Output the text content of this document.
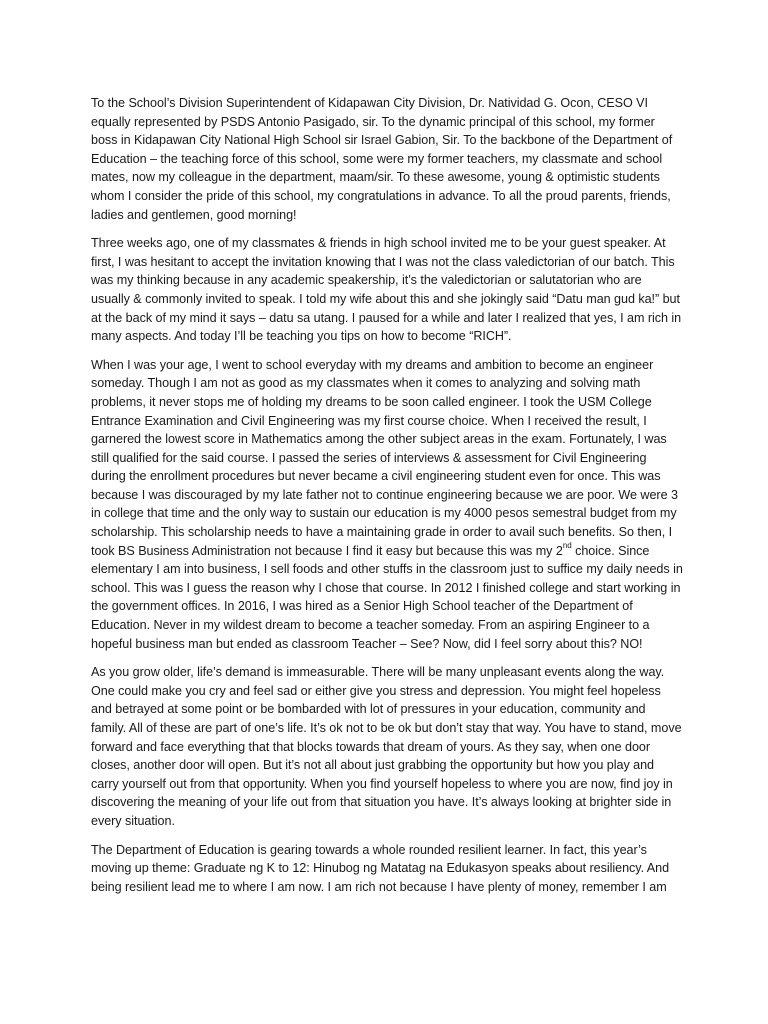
To the School’s Division Superintendent of Kidapawan City Division, Dr. Natividad G. Ocon, CESO VI equally represented by PSDS Antonio Pasigado, sir. To the dynamic principal of this school, my former boss in Kidapawan City National High School sir Israel Gabion, Sir. To the backbone of the Department of Education – the teaching force of this school, some were my former teachers, my classmate and school mates, now my colleague in the department, maam/sir. To these awesome, young & optimistic students whom I consider the pride of this school, my congratulations in advance. To all the proud parents, friends, ladies and gentlemen, good morning!

Three weeks ago, one of my classmates & friends in high school invited me to be your guest speaker. At first, I was hesitant to accept the invitation knowing that I was not the class valedictorian of our batch. This was my thinking because in any academic speakership, it’s the valedictorian or salutatorian who are usually & commonly invited to speak. I told my wife about this and she jokingly said “Datu man gud ka!” but at the back of my mind it says – datu sa utang. I paused for a while and later I realized that yes, I am rich in many aspects. And today I’ll be teaching you tips on how to become “RICH”.

When I was your age, I went to school everyday with my dreams and ambition to become an engineer someday. Though I am not as good as my classmates when it comes to analyzing and solving math problems, it never stops me of holding my dreams to be soon called engineer. I took the USM College Entrance Examination and Civil Engineering was my first course choice. When I received the result, I garnered the lowest score in Mathematics among the other subject areas in the exam. Fortunately, I was still qualified for the said course. I passed the series of interviews & assessment for Civil Engineering during the enrollment procedures but never became a civil engineering student even for once. This was because I was discouraged by my late father not to continue engineering because we are poor. We were 3 in college that time and the only way to sustain our education is my 4000 pesos semestral budget from my scholarship. This scholarship needs to have a maintaining grade in order to avail such benefits. So then, I took BS Business Administration not because I find it easy but because this was my 2nd choice. Since elementary I am into business, I sell foods and other stuffs in the classroom just to suffice my daily needs in school. This was I guess the reason why I chose that course. In 2012 I finished college and start working in the government offices. In 2016, I was hired as a Senior High School teacher of the Department of Education. Never in my wildest dream to become a teacher someday. From an aspiring Engineer to a hopeful business man but ended as classroom Teacher – See? Now, did I feel sorry about this? NO!

As you grow older, life’s demand is immeasurable. There will be many unpleasant events along the way. One could make you cry and feel sad or either give you stress and depression. You might feel hopeless and betrayed at some point or be bombarded with lot of pressures in your education, community and family. All of these are part of one’s life. It’s ok not to be ok but don’t stay that way. You have to stand, move forward and face everything that that blocks towards that dream of yours. As they say, when one door closes, another door will open. But it’s not all about just grabbing the opportunity but how you play and carry yourself out from that opportunity. When you find yourself hopeless to where you are now, find joy in discovering the meaning of your life out from that situation you have. It’s always looking at brighter side in every situation.

The Department of Education is gearing towards a whole rounded resilient learner. In fact, this year’s moving up theme: Graduate ng K to 12: Hinubog ng Matatag na Edukasyon speaks about resiliency. And being resilient lead me to where I am now. I am rich not because I have plenty of money, remember I am
